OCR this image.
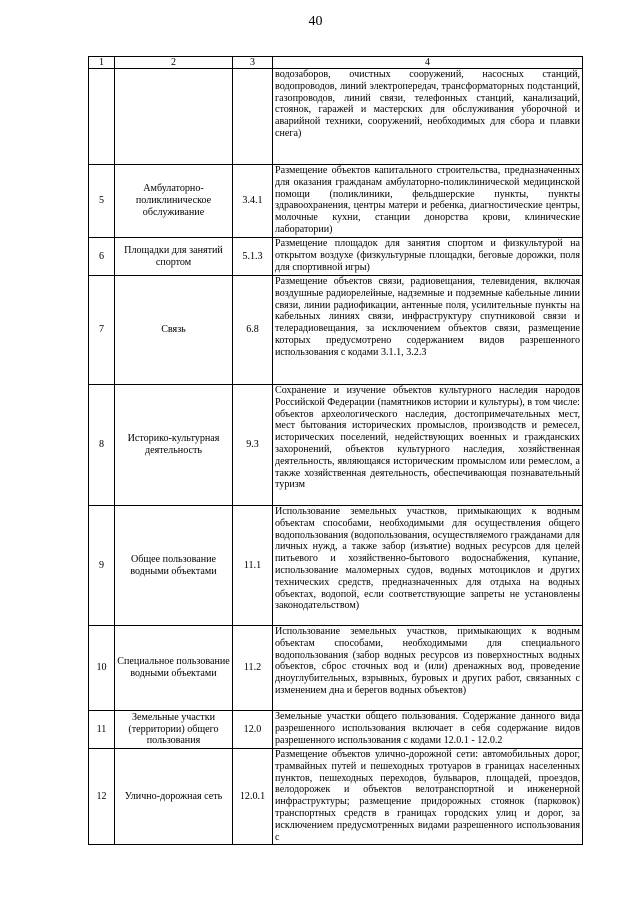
40
1	2	3	4
			водозаборов, очистных сооружений, насосных станций, водопроводов, линий электропередач, трансформаторных подстанций, газопроводов, линий связи, телефонных станций, канализаций, стоянок, гаражей и мастерских для обслуживания уборочной и аварийной техники, сооружений, необходимых для сбора и плавки снега)
5	Амбулаторно-поликлиническое обслуживание	3.4.1	Размещение объектов капитального строительства, предназначенных для оказания гражданам амбулаторно-поликлинической медицинской помощи (поликлиники, фельдшерские пункты, пункты здравоохранения, центры матери и ребенка, диагностические центры, молочные кухни, станции донорства крови, клинические лаборатории)
6	Площадки для занятий спортом	5.1.3	Размещение площадок для занятия спортом и физкультурой на открытом воздухе (физкультурные площадки, беговые дорожки, поля для спортивной игры)
7	Связь	6.8	Размещение объектов связи, радиовещания, телевидения, включая воздушные радиорелейные, надземные и подземные кабельные линии связи, линии радиофикации, антенные поля, усилительные пункты на кабельных линиях связи, инфраструктуру спутниковой связи и телерадиовещания, за исключением объектов связи, размещение которых предусмотрено содержанием видов разрешенного использования с кодами 3.1.1, 3.2.3
8	Историко-культурная деятельность	9.3	Сохранение и изучение объектов культурного наследия народов Российской Федерации (памятников истории и культуры), в том числе: объектов археологического наследия, достопримечательных мест, мест бытования исторических промыслов, производств и ремесел, исторических поселений, недействующих военных и гражданских захоронений, объектов культурного наследия, хозяйственная деятельность, являющаяся историческим промыслом или ремеслом, а также хозяйственная деятельность, обеспечивающая познавательный туризм
9	Общее пользование водными объектами	11.1	Использование земельных участков, примыкающих к водным объектам способами, необходимыми для осуществления общего водопользования (водопользования, осуществляемого гражданами для личных нужд, а также забор (изъятие) водных ресурсов для целей питьевого и хозяйственно-бытового водоснабжения, купание, использование маломерных судов, водных мотоциклов и других технических средств, предназначенных для отдыха на водных объектах, водопой, если соответствующие запреты не установлены законодательством)
10	Специальное пользование водными объектами	11.2	Использование земельных участков, примыкающих к водным объектам способами, необходимыми для специального водопользования (забор водных ресурсов из поверхностных водных объектов, сброс сточных вод и (или) дренажных вод, проведение дноуглубительных, взрывных, буровых и других работ, связанных с изменением дна и берегов водных объектов)
11	Земельные участки (территории) общего пользования	12.0	Земельные участки общего пользования. Содержание данного вида разрешенного использования включает в себя содержание видов разрешенного использования с кодами 12.0.1 - 12.0.2
12	Улично-дорожная сеть	12.0.1	Размещение объектов улично-дорожной сети: автомобильных дорог, трамвайных путей и пешеходных тротуаров в границах населенных пунктов, пешеходных переходов, бульваров, площадей, проездов, велодорожек и объектов велотранспортной и инженерной инфраструктуры; размещение придорожных стоянок (парковок) транспортных средств в границах городских улиц и дорог, за исключением предусмотренных видами разрешенного использования с
